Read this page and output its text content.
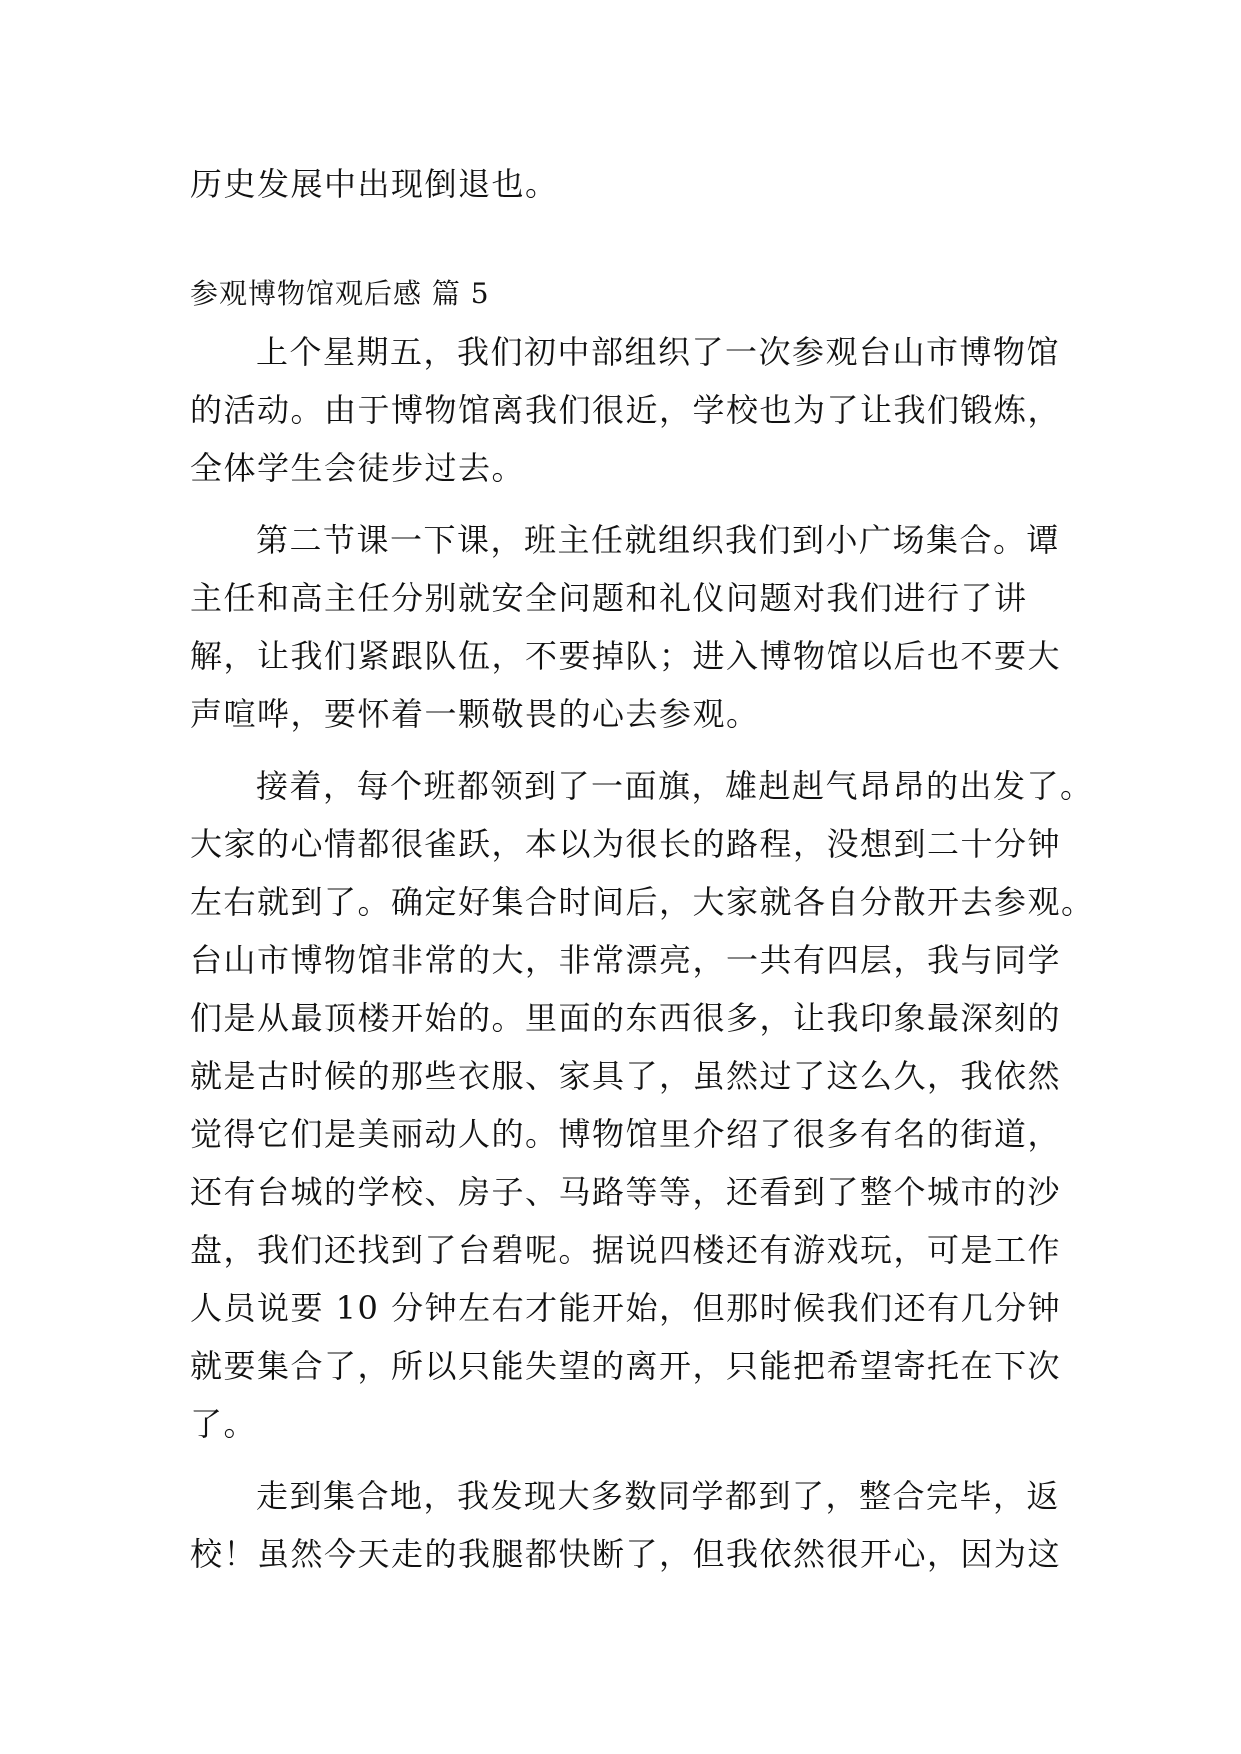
历史发展中出现倒退也。
参观博物馆观后感 篇 5
上个星期五，我们初中部组织了一次参观台山市博物馆
的活动。由于博物馆离我们很近，学校也为了让我们锻炼，
全体学生会徒步过去。
第二节课一下课，班主任就组织我们到小广场集合。谭
主任和高主任分别就安全问题和礼仪问题对我们进行了讲
解，让我们紧跟队伍，不要掉队；进入博物馆以后也不要大
声喧哗，要怀着一颗敬畏的心去参观。
接着，每个班都领到了一面旗，雄赳赳气昂昂的出发了。
大家的心情都很雀跃，本以为很长的路程，没想到二十分钟
左右就到了。确定好集合时间后，大家就各自分散开去参观。
台山市博物馆非常的大，非常漂亮，一共有四层，我与同学
们是从最顶楼开始的。里面的东西很多，让我印象最深刻的
就是古时候的那些衣服、家具了，虽然过了这么久，我依然
觉得它们是美丽动人的。博物馆里介绍了很多有名的街道，
还有台城的学校、房子、马路等等，还看到了整个城市的沙
盘，我们还找到了台碧呢。据说四楼还有游戏玩，可是工作
人员说要 10 分钟左右才能开始，但那时候我们还有几分钟
就要集合了，所以只能失望的离开，只能把希望寄托在下次
了。
走到集合地，我发现大多数同学都到了，整合完毕，返
校！虽然今天走的我腿都快断了，但我依然很开心，因为这
